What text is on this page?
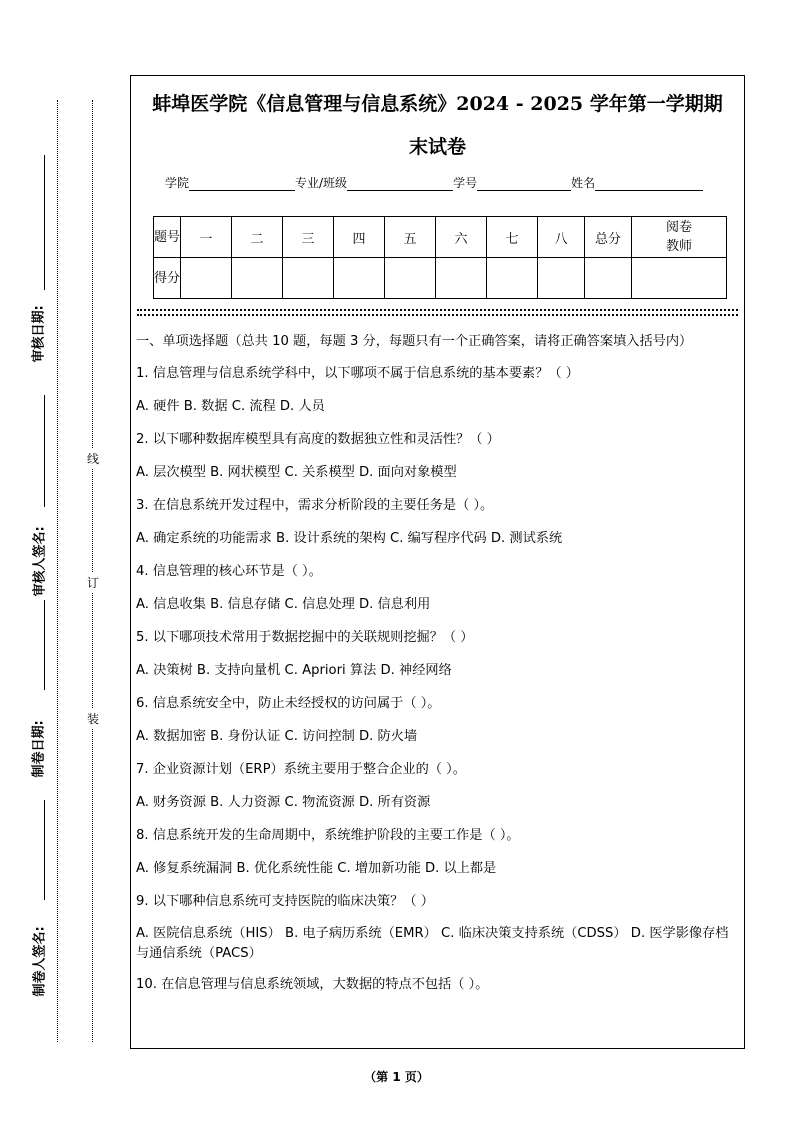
审核日期:
审核人签名:
制卷日期:
制卷人签名:
线
订
装
蚌埠医学院《信息管理与信息系统》2024 - 2025 学年第一学期期
末试卷
学院	专业/班级	学号	姓名
题号	一	二	三	四	五	六	七	八	总分	阅卷教师
得分										

一、单项选择题（总共 10 题，每题 3 分，每题只有一个正确答案，请将正确答案填入括号内）

1. 信息管理与信息系统学科中，以下哪项不属于信息系统的基本要素？（ ）

A. 硬件 B. 数据 C. 流程 D. 人员

2. 以下哪种数据库模型具有高度的数据独立性和灵活性？（ ）

A. 层次模型 B. 网状模型 C. 关系模型 D. 面向对象模型

3. 在信息系统开发过程中，需求分析阶段的主要任务是（ ）。

A. 确定系统的功能需求 B. 设计系统的架构 C. 编写程序代码 D. 测试系统

4. 信息管理的核心环节是（ ）。

A. 信息收集 B. 信息存储 C. 信息处理 D. 信息利用

5. 以下哪项技术常用于数据挖掘中的关联规则挖掘？（ ）

A. 决策树 B. 支持向量机 C. Apriori 算法 D. 神经网络

6. 信息系统安全中，防止未经授权的访问属于（ ）。

A. 数据加密 B. 身份认证 C. 访问控制 D. 防火墙

7. 企业资源计划（ERP）系统主要用于整合企业的（ ）。

A. 财务资源 B. 人力资源 C. 物流资源 D. 所有资源

8. 信息系统开发的生命周期中，系统维护阶段的主要工作是（ ）。

A. 修复系统漏洞 B. 优化系统性能 C. 增加新功能 D. 以上都是

9. 以下哪种信息系统可支持医院的临床决策？（ ）

A. 医院信息系统（HIS） B. 电子病历系统（EMR） C. 临床决策支持系统（CDSS） D. 医学影像存档与通信系统（PACS）

10. 在信息管理与信息系统领域，大数据的特点不包括（ ）。

（第 1 页）
